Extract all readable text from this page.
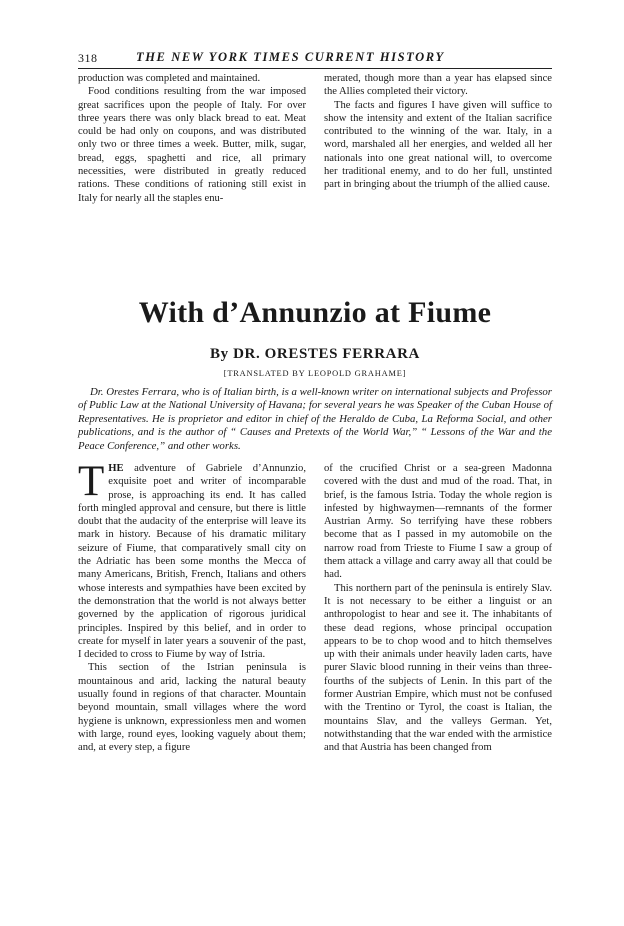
318	THE NEW YORK TIMES CURRENT HISTORY

production was completed and maintained.

Food conditions resulting from the war imposed great sacrifices upon the people of Italy. For over three years there was only black bread to eat. Meat could be had only on coupons, and was distributed only two or three times a week. Butter, milk, sugar, bread, eggs, spaghetti and rice, all primary necessities, were distributed in greatly reduced rations. These conditions of rationing still exist in Italy for nearly all the staples enu-

merated, though more than a year has elapsed since the Allies completed their victory.

The facts and figures I have given will suffice to show the intensity and extent of the Italian sacrifice contributed to the winning of the war. Italy, in a word, marshaled all her energies, and welded all her nationals into one great national will, to overcome her traditional enemy, and to do her full, unstinted part in bringing about the triumph of the allied cause.

With d’Annunzio at Fiume
By DR. ORESTES FERRARA
[TRANSLATED BY LEOPOLD GRAHAME]

Dr. Orestes Ferrara, who is of Italian birth, is a well-known writer on international subjects and Professor of Public Law at the National University of Havana; for several years he was Speaker of the Cuban House of Representatives. He is proprietor and editor in chief of the Heraldo de Cuba, La Reforma Social, and other publications, and is the author of “ Causes and Pretexts of the World War,” “ Lessons of the War and the Peace Conference,” and other works.

THE adventure of Gabriele d’Annunzio, exquisite poet and writer of incomparable prose, is approaching its end. It has called forth mingled approval and censure, but there is little doubt that the audacity of the enterprise will leave its mark in history. Because of his dramatic military seizure of Fiume, that comparatively small city on the Adriatic has been some months the Mecca of many Americans, British, French, Italians and others whose interests and sympathies have been excited by the demonstration that the world is not always better governed by the application of rigorous juridical principles. Inspired by this belief, and in order to create for myself in later years a souvenir of the past, I decided to cross to Fiume by way of Istria.

This section of the Istrian peninsula is mountainous and arid, lacking the natural beauty usually found in regions of that character. Mountain beyond mountain, small villages where the word hygiene is unknown, expressionless men and women with large, round eyes, looking vaguely about them; and, at every step, a figure

of the crucified Christ or a sea-green Madonna covered with the dust and mud of the road. That, in brief, is the famous Istria. Today the whole region is infested by highwaymen—remnants of the former Austrian Army. So terrifying have these robbers become that as I passed in my automobile on the narrow road from Trieste to Fiume I saw a group of them attack a village and carry away all that could be had.

This northern part of the peninsula is entirely Slav. It is not necessary to be either a linguist or an anthropologist to hear and see it. The inhabitants of these dead regions, whose principal occupation appears to be to chop wood and to hitch themselves up with their animals under heavily laden carts, have purer Slavic blood running in their veins than three-fourths of the subjects of Lenin. In this part of the former Austrian Empire, which must not be confused with the Trentino or Tyrol, the coast is Italian, the mountains Slav, and the valleys German. Yet, notwithstanding that the war ended with the armistice and that Austria has been changed from
